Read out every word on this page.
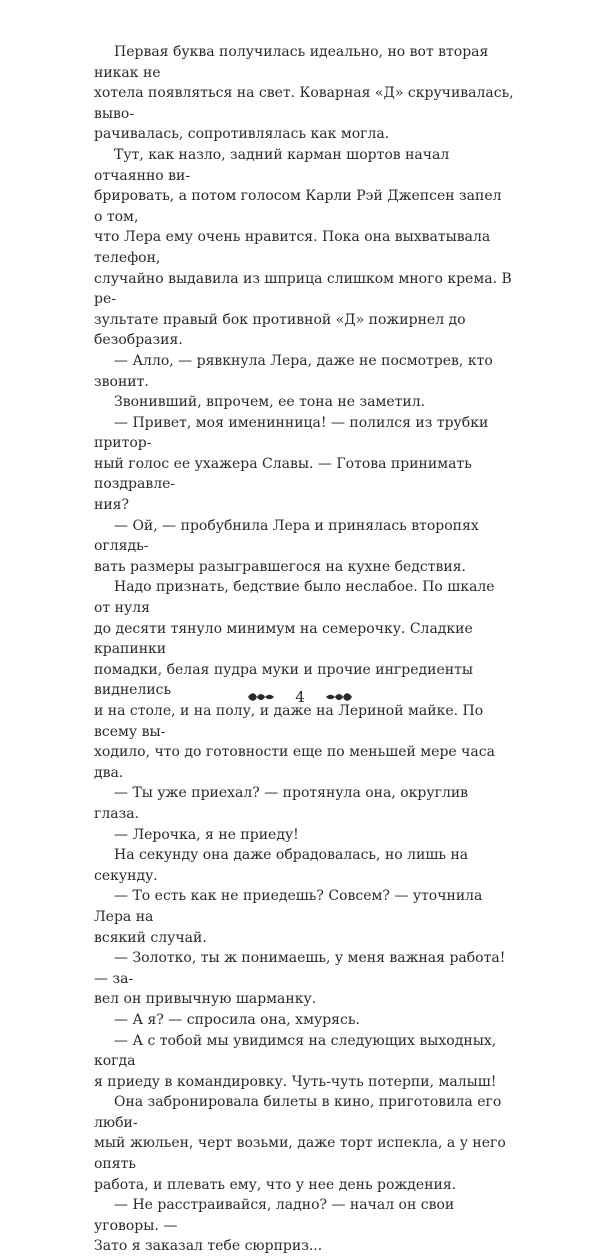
Первая буква получилась идеально, но вот вторая никак не
хотела появляться на свет. Коварная «Д» скручивалась, выво-
рачивалась, сопротивлялась как могла.

Тут, как назло, задний карман шортов начал отчаянно ви-
брировать, а потом голосом Карли Рэй Джепсен запел о том,
что Лера ему очень нравится. Пока она выхватывала телефон,
случайно выдавила из шприца слишком много крема. В ре-
зультате правый бок противной «Д» пожирнел до безобразия.

— Алло, — рявкнула Лера, даже не посмотрев, кто звонит.

Звонивший, впрочем, ее тона не заметил.

— Привет, моя именинница! — полился из трубки притор-
ный голос ее ухажера Славы. — Готова принимать поздравле-
ния?

— Ой, — пробубнила Лера и принялась второпях оглядь-
вать размеры разыгравшегося на кухне бедствия.

Надо признать, бедствие было неслабое. По шкале от нуля
до десяти тянуло минимум на семерочку. Сладкие крапинки
помадки, белая пудра муки и прочие ингредиенты виднелись
и на столе, и на полу, и даже на Лериной майке. По всему вы-
ходило, что до готовности еще по меньшей мере часа два.

— Ты уже приехал? — протянула она, округлив глаза.

— Лерочка, я не приеду!

На секунду она даже обрадовалась, но лишь на секунду.

— То есть как не приедешь? Совсем? — уточнила Лера на
всякий случай.

— Золотко, ты ж понимаешь, у меня важная работа! — за-
вел он привычную шарманку.

— А я? — спросила она, хмурясь.

— А с тобой мы увидимся на следующих выходных, когда
я приеду в командировку. Чуть-чуть потерпи, малыш!

Она забронировала билеты в кино, приготовила его люби-
мый жюльен, черт возьми, даже торт испекла, а у него опять
работа, и плевать ему, что у нее день рождения.

— Не расстраивайся, ладно? — начал он свои уговоры. —
Зато я заказал тебе сюрприз...

4
